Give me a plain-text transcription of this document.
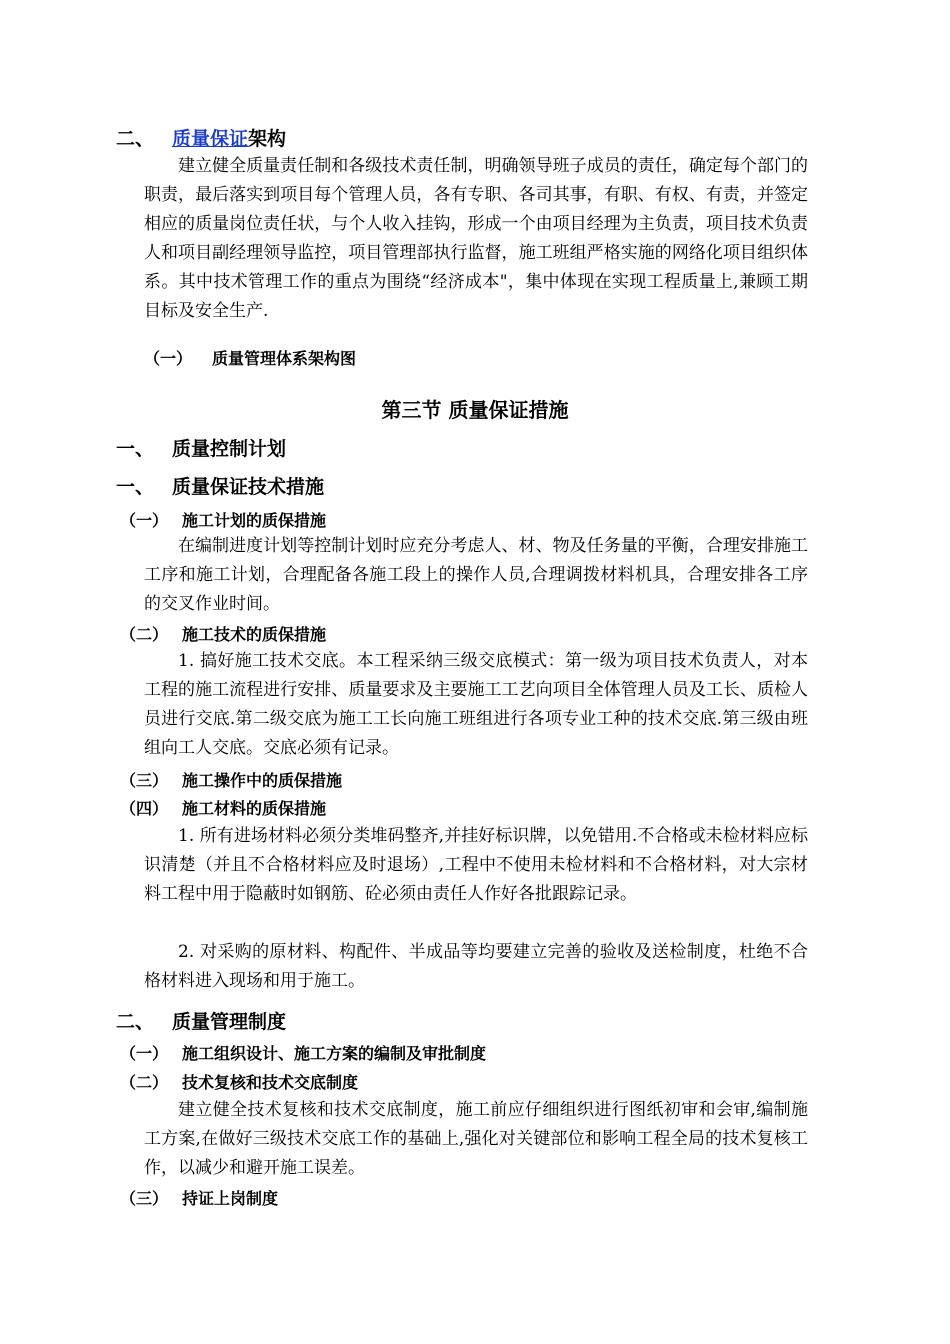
二、 质量保证架构
建立健全质量责任制和各级技术责任制，明确领导班子成员的责任，确定每个部门的职责，最后落实到项目每个管理人员，各有专职、各司其事，有职、有权、有责，并签定相应的质量岗位责任状，与个人收入挂钩，形成一个由项目经理为主负责，项目技术负责人和项目副经理领导监控，项目管理部执行监督，施工班组严格实施的网络化项目组织体系。其中技术管理工作的重点为围绕“经济成本"，集中体现在实现工程质量上,兼顾工期目标及安全生产.
（一） 质量管理体系架构图
第三节 质量保证措施
一、 质量控制计划
一、 质量保证技术措施
（一） 施工计划的质保措施
在编制进度计划等控制计划时应充分考虑人、材、物及任务量的平衡，合理安排施工工序和施工计划，合理配备各施工段上的操作人员,合理调拨材料机具，合理安排各工序的交叉作业时间。
（二） 施工技术的质保措施
1. 搞好施工技术交底。本工程采纳三级交底模式：第一级为项目技术负责人，对本工程的施工流程进行安排、质量要求及主要施工工艺向项目全体管理人员及工长、质检人员进行交底.第二级交底为施工工长向施工班组进行各项专业工种的技术交底.第三级由班组向工人交底。交底必须有记录。
（三） 施工操作中的质保措施
（四） 施工材料的质保措施
1. 所有进场材料必须分类堆码整齐,并挂好标识牌，以免错用.不合格或未检材料应标识清楚（并且不合格材料应及时退场）,工程中不使用未检材料和不合格材料，对大宗材料工程中用于隐蔽时如钢筋、砼必须由责任人作好各批跟踪记录。
2. 对采购的原材料、构配件、半成品等均要建立完善的验收及送检制度，杜绝不合格材料进入现场和用于施工。
二、 质量管理制度
（一） 施工组织设计、施工方案的编制及审批制度
（二） 技术复核和技术交底制度
建立健全技术复核和技术交底制度，施工前应仔细组织进行图纸初审和会审,编制施工方案,在做好三级技术交底工作的基础上,强化对关键部位和影响工程全局的技术复核工作，以减少和避开施工误差。
（三） 持证上岗制度
